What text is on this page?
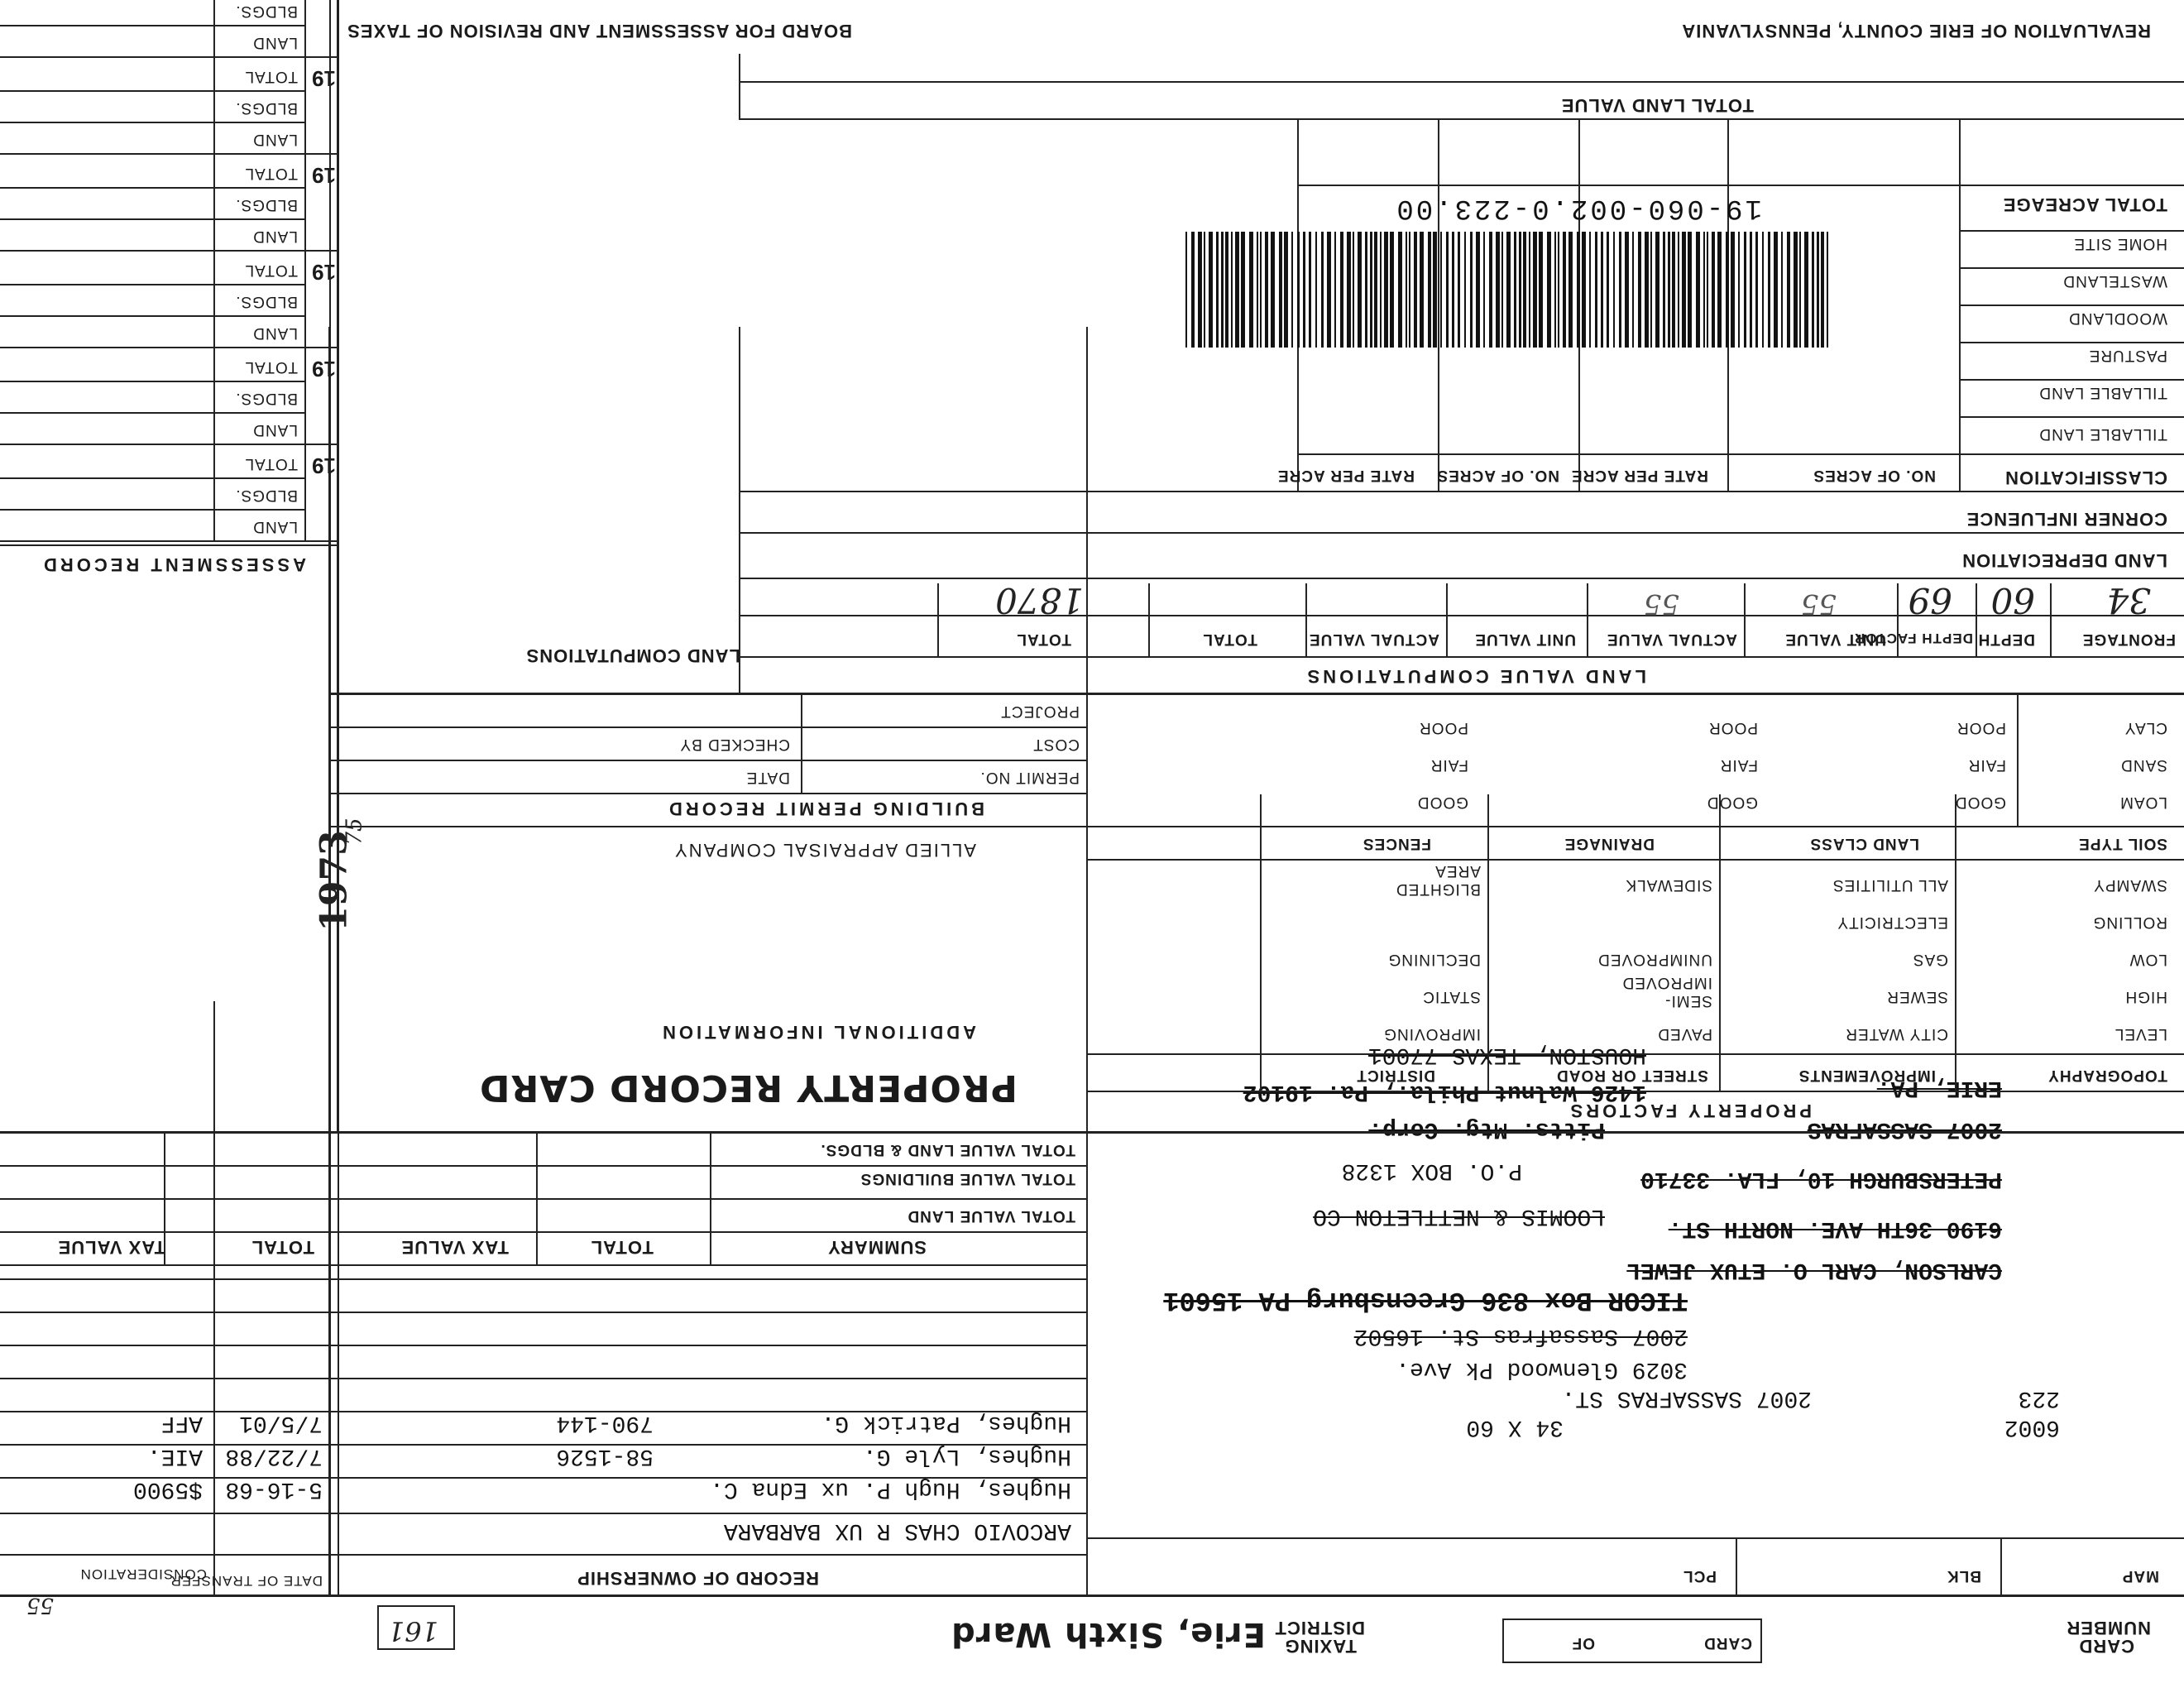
REVALUATION OF ERIE COUNTY, PENNSYLVANIA
BOARD FOR ASSESSMENT AND REVISION OF TAXES
CARD
NUMBER
CARD
OF
TAXING
DISTRICT
Erie, Sixth Ward
161
55
MAP
BLK
PCL
6002
34 X 60
223
2007 SASSAFRAS ST.
3029 Glenwood Pk Ave.
2007 Sassafras St. 16502
TICOR Box 836 Greensburg PA 15601
CARLSON, CARL O. ETUX JEWEL
6190 36TH AVE. NORTH ST.
LOOMIS & NETTLETON CO
PETERSBURGH 10, FLA. 33710
P.O. BOX 1328
2007 SASSAFRAS
Pitts. Mtg. Corp.
ERIE, PA.
1426 Walnut Phila., Pa. 19102
HOUSTON, TEXAS 77001
RECORD OF OWNERSHIP
DATE OF TRANSFER
CONSIDERATION
ARCOVIO CHAS R UX BARBARA
Hughes, Hugh P. ux Edna C.
5-16-68
$5900
Hughes, Lyle G.
58-1526
7/22/88
AIE.
Hughes, Patrick G.
790-144
7/5/01
AFF
SUMMARY
TOTAL
TAX VALUE
TOTAL
TAX VALUE
TOTAL VALUE LAND
TOTAL VALUE BUILDINGS
TOTAL VALUE LAND & BLDGS.
PROPERTY FACTORS
TOPOGRAPHY
IMPROVEMENTS
STREET OR ROAD
DISTRICT
LEVEL
HIGH
LOW
ROLLING
SWAMPY
CITY WATER
SEWER
GAS
ELECTRICITY
ALL UTILITIES
PAVED
SEMI-IMPROVED
UNIMPROVED
SIDEWALK
IMPROVING
STATIC
DECLINING
BLIGHTED AREA
SOIL TYPE
LAND CLASS
DRAINAGE
FENCES
LOAM
SAND
CLAY
GOOD
FAIR
POOR
GOOD
FAIR
POOR
GOOD
FAIR
POOR
PROPERTY RECORD CARD
ADDITIONAL INFORMATION
ALLIED APPRAISAL COMPANY
BUILDING PERMIT RECORD
PERMIT NO.
DATE
COST
CHECKED BY
PROJECT
LAND VALUE COMPUTATIONS
LAND COMPUTATIONS
FRONTAGE
DEPTH
DEPTH FACTOR
UNIT VALUE
ACTUAL VALUE
UNIT VALUE
ACTUAL VALUE
TOTAL
TOTAL
34
60
69
55
55
1870
LAND DEPRECIATION
CORNER INFLUENCE
CLASSIFICATION
NO. OF ACRES
RATE PER ACRE
NO. OF ACRES
RATE PER ACRE
TILLABLE LAND
TILLABLE LAND
PASTURE
WOODLAND
WASTELAND
HOME SITE
TOTAL ACREAGE
TOTAL LAND VALUE
19-060-002.0-223.00
ASSESSMENT RECORD
19
LAND
BLDGS.
TOTAL
19
LAND
BLDGS.
TOTAL
19
LAND
BLDGS.
TOTAL
19
LAND
BLDGS.
TOTAL
19
LAND
BLDGS.
TOTAL
LAND
BLDGS.
1973
75
